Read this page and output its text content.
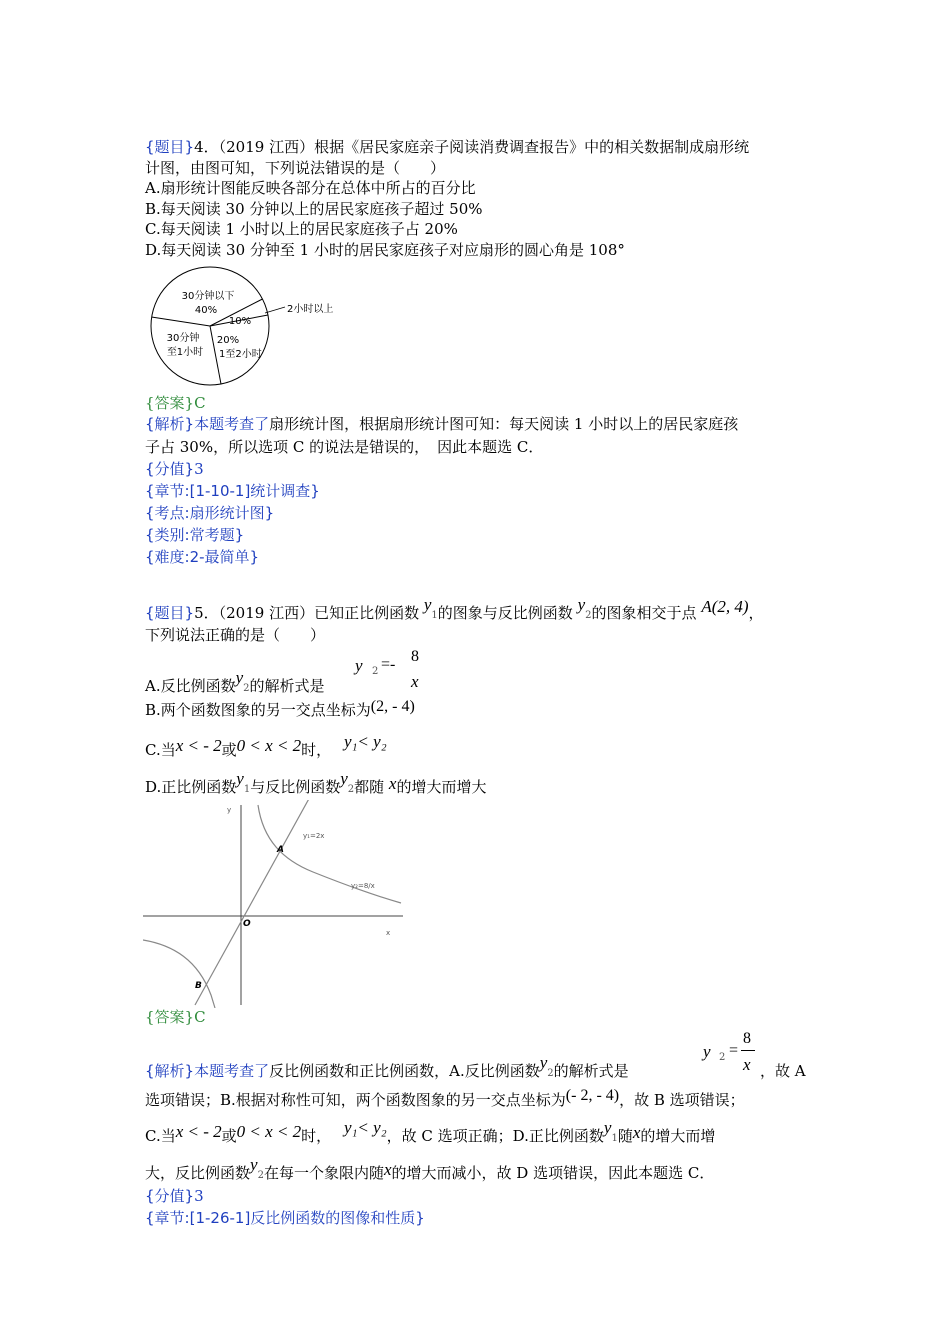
{题目}4．（2019 江西）根据《居民家庭亲子阅读消费调查报告》中的相关数据制成扇形统
计图，由图可知，下列说法错误的是（　　）
A.扇形统计图能反映各部分在总体中所占的百分比
B.每天阅读 30 分钟以上的居民家庭孩子超过 50%
C.每天阅读 1 小时以上的居民家庭孩子占 20%
D.每天阅读 30 分钟至 1 小时的居民家庭孩子对应扇形的圆心角是 108°
30分钟以下
40%
10%
2小时以上
20%
1至2小时
30分钟
至1小时
{答案}C
{解析}本题考查了扇形统计图，根据扇形统计图可知：每天阅读 1 小时以上的居民家庭孩
子占 30%，所以选项 C 的说法是错误的， 因此本题选 C．
{分值}3
{章节:[1-10-1]统计调查}
{考点:扇形统计图}
{类别:常考题}
{难度:2-最简单}
{题目}5．（2019 江西）已知正比例函数 y1的图象与反比例函数 y2的图象相交于点 A(2, 4)，
下列说法正确的是（　　）
A.反比例函数y2的解析式是
y 2 =- 8
x
B.两个函数图象的另一交点坐标为(2, - 4)
C.当x < - 2或0 < x < 2时， y₁< y₂
D.正比例函数y1与反比例函数y2都随 x的增大而增大
y
x
O
A
B
y₁=2x
y₂=8/x
{答案}C
{解析}本题考查了反比例函数和正比例函数，A.反比例函数y2的解析式是
y 2 =
8
x ，故 A
选项错误；B.根据对称性可知，两个函数图象的另一交点坐标为(- 2, - 4)，故 B 选项错误；
C.当x < - 2或0 < x < 2时， y₁< y₂，故 C 选项正确；D.正比例函数y1随x的增大而增
大，反比例函数y2在每一个象限内随x的增大而减小，故 D 选项错误，因此本题选 C．
{分值}3
{章节:[1-26-1]反比例函数的图像和性质}
